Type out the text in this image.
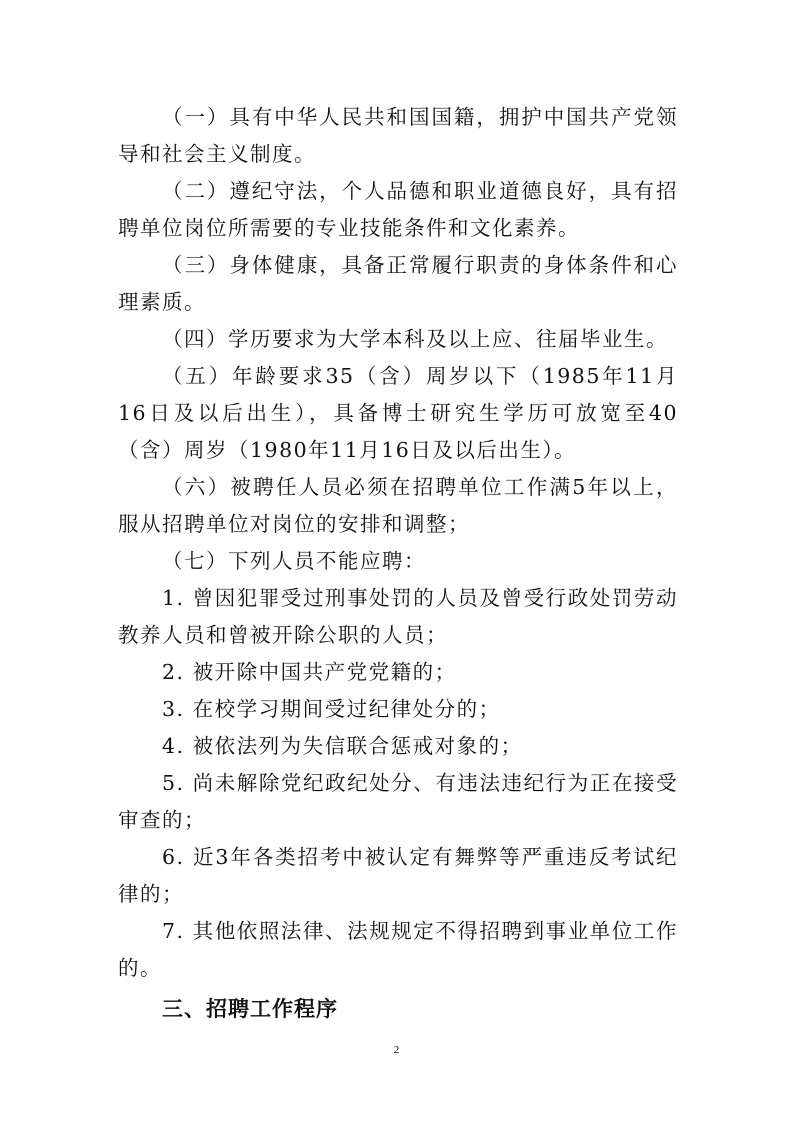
（一）具有中华人民共和国国籍，拥护中国共产党领导和社会主义制度。

（二）遵纪守法，个人品德和职业道德良好，具有招聘单位岗位所需要的专业技能条件和文化素养。

（三）身体健康，具备正常履行职责的身体条件和心理素质。

（四）学历要求为大学本科及以上应、往届毕业生。

（五）年龄要求35（含）周岁以下（1985年11月16日及以后出生），具备博士研究生学历可放宽至40（含）周岁（1980年11月16日及以后出生）。

（六）被聘任人员必须在招聘单位工作满5年以上，服从招聘单位对岗位的安排和调整；

（七）下列人员不能应聘：

1. 曾因犯罪受过刑事处罚的人员及曾受行政处罚劳动教养人员和曾被开除公职的人员；

2. 被开除中国共产党党籍的；

3. 在校学习期间受过纪律处分的；

4. 被依法列为失信联合惩戒对象的；

5. 尚未解除党纪政纪处分、有违法违纪行为正在接受审查的；

6. 近3年各类招考中被认定有舞弊等严重违反考试纪律的；

7. 其他依照法律、法规规定不得招聘到事业单位工作的。

三、招聘工作程序

2
